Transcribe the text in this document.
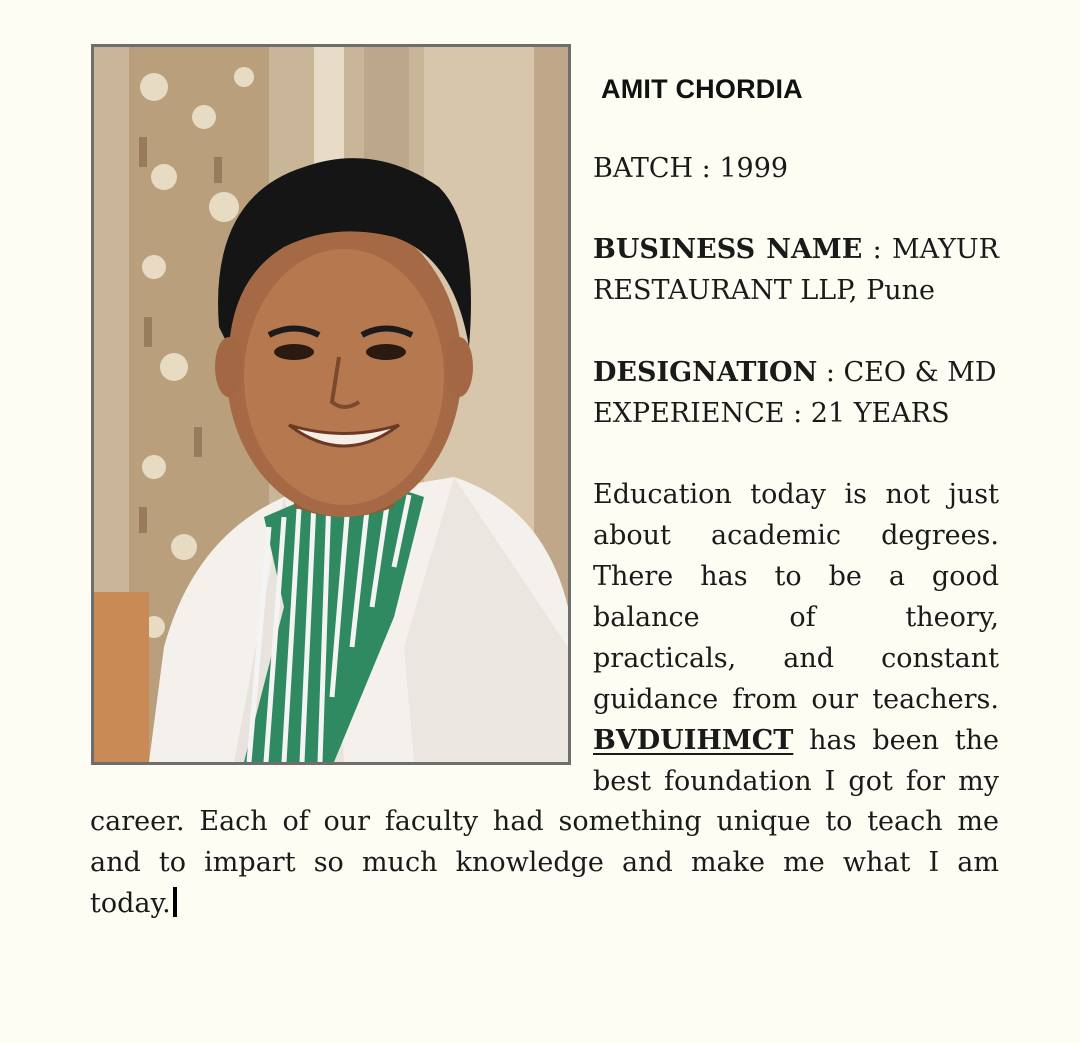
AMIT CHORDIA
BATCH : 1999
BUSINESS NAME : MAYUR
RESTAURANT LLP, Pune
DESIGNATION : CEO & MD
EXPERIENCE : 21 YEARS
Education today is not just
about academic degrees.
There has to be a good
balance of theory,
practicals, and constant
guidance from our teachers.
BVDUIHMCT has been the
best foundation I got for my
career. Each of our faculty had something unique to teach me
and to impart so much knowledge and make me what I am
today.
